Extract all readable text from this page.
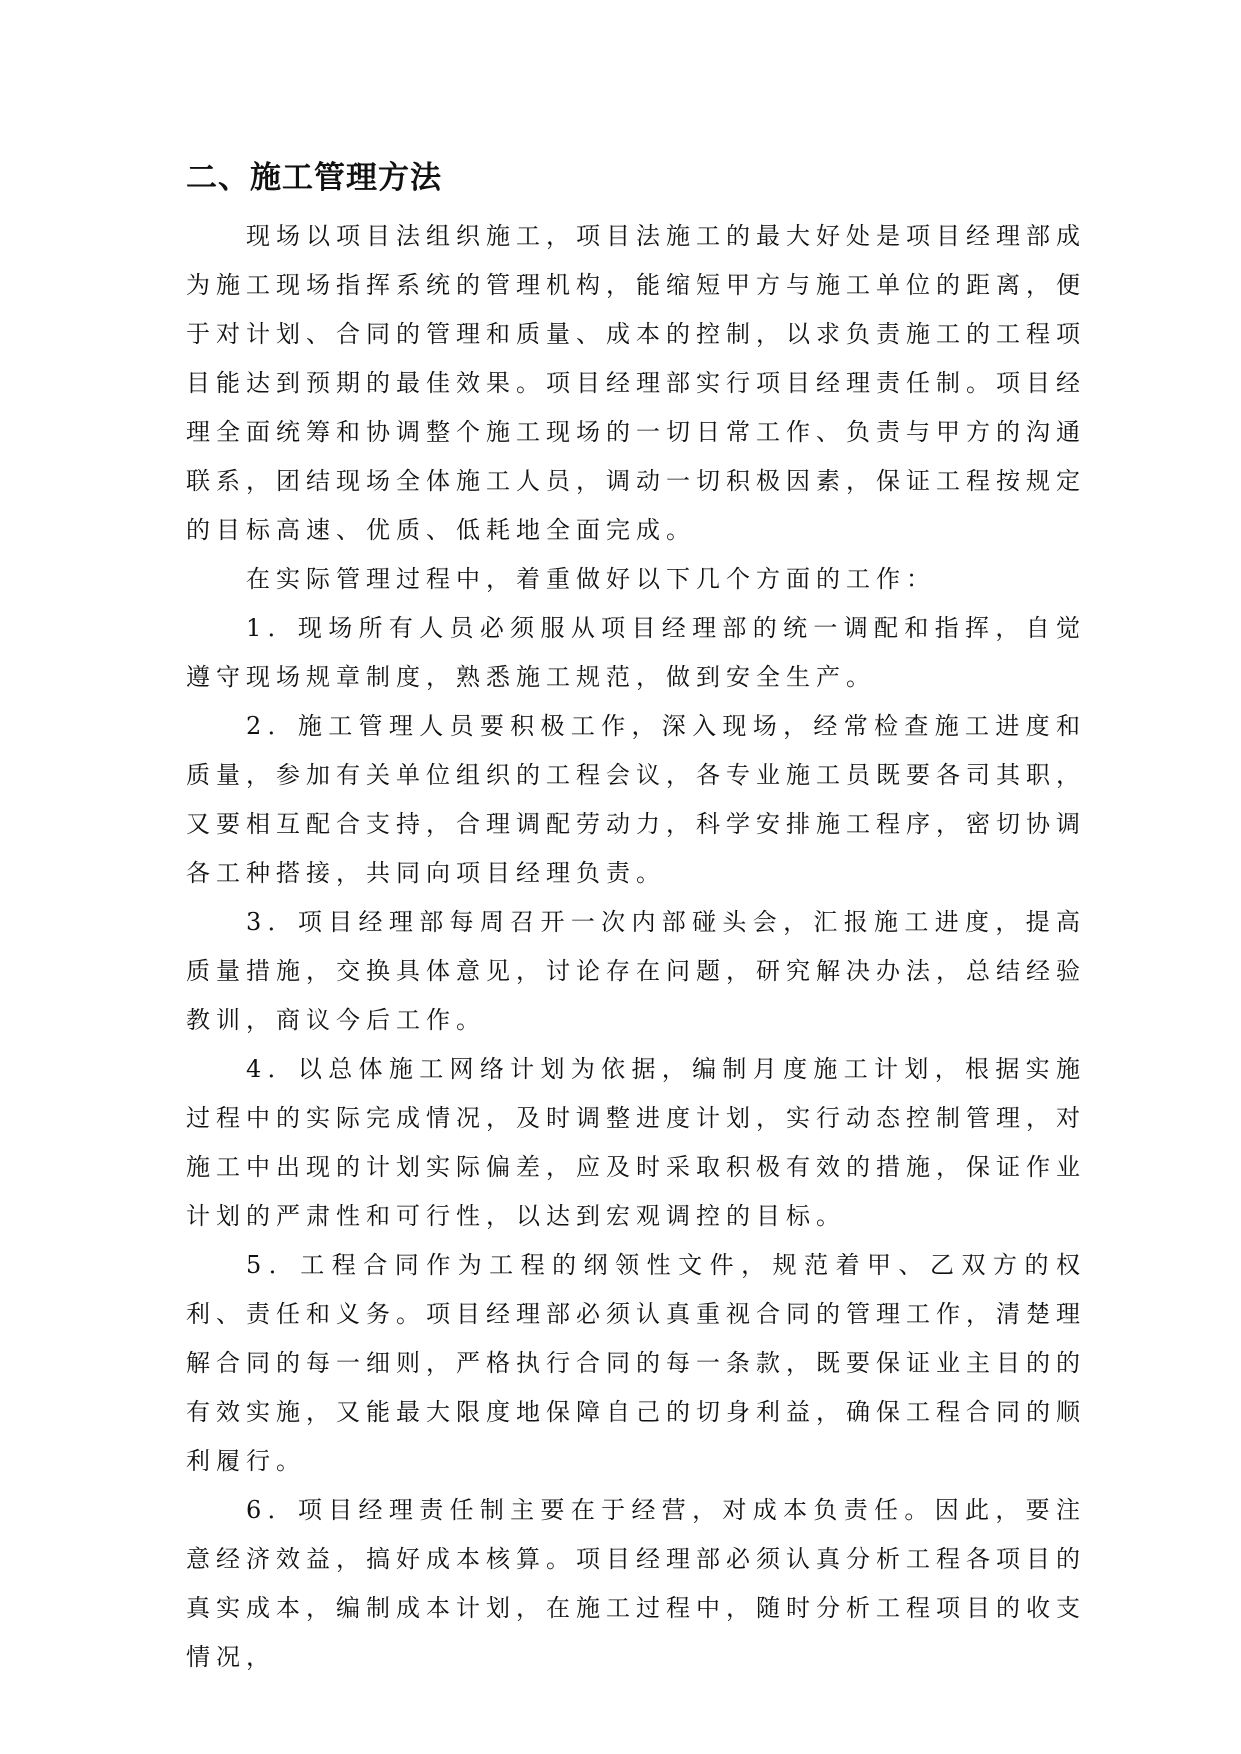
二、施工管理方法

现场以项目法组织施工，项目法施工的最大好处是项目经理部成为施工现场指挥系统的管理机构，能缩短甲方与施工单位的距离，便于对计划、合同的管理和质量、成本的控制，以求负责施工的工程项目能达到预期的最佳效果。项目经理部实行项目经理责任制。项目经理全面统筹和协调整个施工现场的一切日常工作、负责与甲方的沟通联系，团结现场全体施工人员，调动一切积极因素，保证工程按规定的目标高速、优质、低耗地全面完成。

在实际管理过程中，着重做好以下几个方面的工作：

1．现场所有人员必须服从项目经理部的统一调配和指挥，自觉遵守现场规章制度，熟悉施工规范，做到安全生产。

2．施工管理人员要积极工作，深入现场，经常检查施工进度和质量，参加有关单位组织的工程会议，各专业施工员既要各司其职，又要相互配合支持，合理调配劳动力，科学安排施工程序，密切协调各工种搭接，共同向项目经理负责。

3．项目经理部每周召开一次内部碰头会，汇报施工进度，提高质量措施，交换具体意见，讨论存在问题，研究解决办法，总结经验教训，商议今后工作。

4．以总体施工网络计划为依据，编制月度施工计划，根据实施过程中的实际完成情况，及时调整进度计划，实行动态控制管理，对施工中出现的计划实际偏差，应及时采取积极有效的措施，保证作业计划的严肃性和可行性，以达到宏观调控的目标。

5．工程合同作为工程的纲领性文件，规范着甲、乙双方的权利、责任和义务。项目经理部必须认真重视合同的管理工作，清楚理解合同的每一细则，严格执行合同的每一条款，既要保证业主目的的有效实施，又能最大限度地保障自己的切身利益，确保工程合同的顺利履行。

6．项目经理责任制主要在于经营，对成本负责任。因此，要注意经济效益，搞好成本核算。项目经理部必须认真分析工程各项目的真实成本，编制成本计划，在施工过程中，随时分析工程项目的收支情况，
